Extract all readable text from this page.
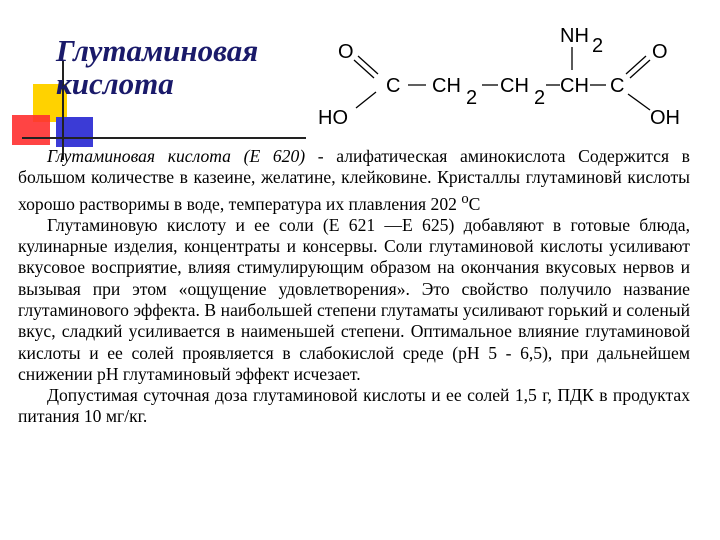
Глутаминовая кислота
O
HO
C CH
2
CH
2
CH C
NH 2 O
OH

Глутаминовая кислота (Е 620) - алифатическая аминокислота Содержится в большом количестве в казеине, желатине, клейковине. Кристаллы глутаминовй кислоты хорошо растворимы в воде, температура их плавления 202 $^о$С

Глутаминовую кислоту и ее соли (Е 621 —Е 625) добавляют в готовые блюда, кулинарные изделия, концентраты и консервы. Соли глутаминовой кислоты усиливают вкусовое восприятие, влияя стимулирующим образом на окончания вкусовых нервов и вызывая при этом «ощущение удовлетворения». Это свойство получило название глутаминового эффекта. В наибольшей степени глутаматы усиливают горький и соленый вкус, сладкий усиливается в наименьшей степени. Оптимальное влияние глутаминовой кислоты и ее солей проявляется в слабокислой среде (рН 5 - 6,5), при дальнейшем снижении рН глутаминовый эффект исчезает.

Допустимая суточная доза глутаминовой кислоты и ее солей 1,5 г, ПДК в продуктах питания 10 мг/кг.
